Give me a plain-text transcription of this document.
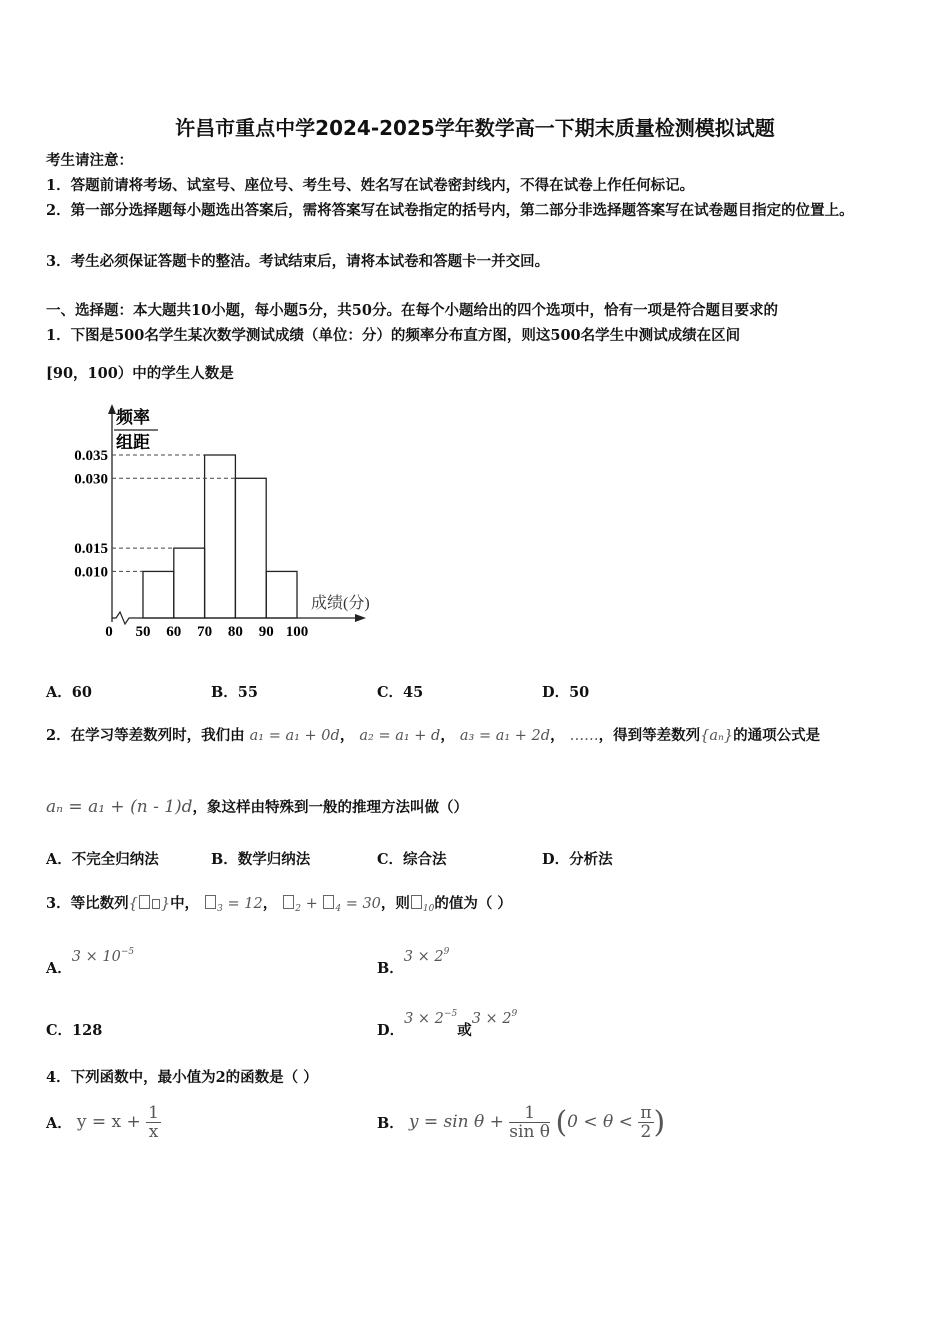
许昌市重点中学2024-2025学年数学高一下期末质量检测模拟试题
考生请注意：
1．答题前请将考场、试室号、座位号、考生号、姓名写在试卷密封线内，不得在试卷上作任何标记。
2．第一部分选择题每小题选出答案后，需将答案写在试卷指定的括号内，第二部分非选择题答案写在试卷题目指定的位置上。
3．考生必须保证答题卡的整洁。考试结束后，请将本试卷和答题卡一并交回。
一、选择题：本大题共10小题，每小题5分，共50分。在每个小题给出的四个选项中，恰有一项是符合题目要求的
1．下图是500名学生某次数学测试成绩（单位：分）的频率分布直方图，则这500名学生中测试成绩在区间
[90，100）中的学生人数是
频率
组距
0.035
0.030
0.015
0.010
0 50 60 70 80 90 100
成绩(分)
A．60	B．55	C．45	D．50
2．在学习等差数列时，我们由 a₁ = a₁ + 0d， a₂ = a₁ + d， a₃ = a₁ + 2d， ……，得到等差数列{aₙ}的通项公式是
aₙ = a₁ + (n - 1)d，象这样由特殊到一般的推理方法叫做（）
A．不完全归纳法	B．数学归纳法	C．综合法	D．分析法
3．等比数列{ }中， $_3$ = 12， $_2$ + $_4$ = 30，则 $_{10}$的值为（ ）
A．$3 \times 10^{-5}$
B．$3 \times 2^9$
C．128	D．$3 \times 2^{-5}$或$3 \times 2^9$
4．下列函数中，最小值为2的函数是（ ）
A． $y = x + \frac{1}{x}$	B． $y = \sin \theta + \frac{1}{\text{sin θ}} (0 < \theta < \frac{\pi}{2}$ )
